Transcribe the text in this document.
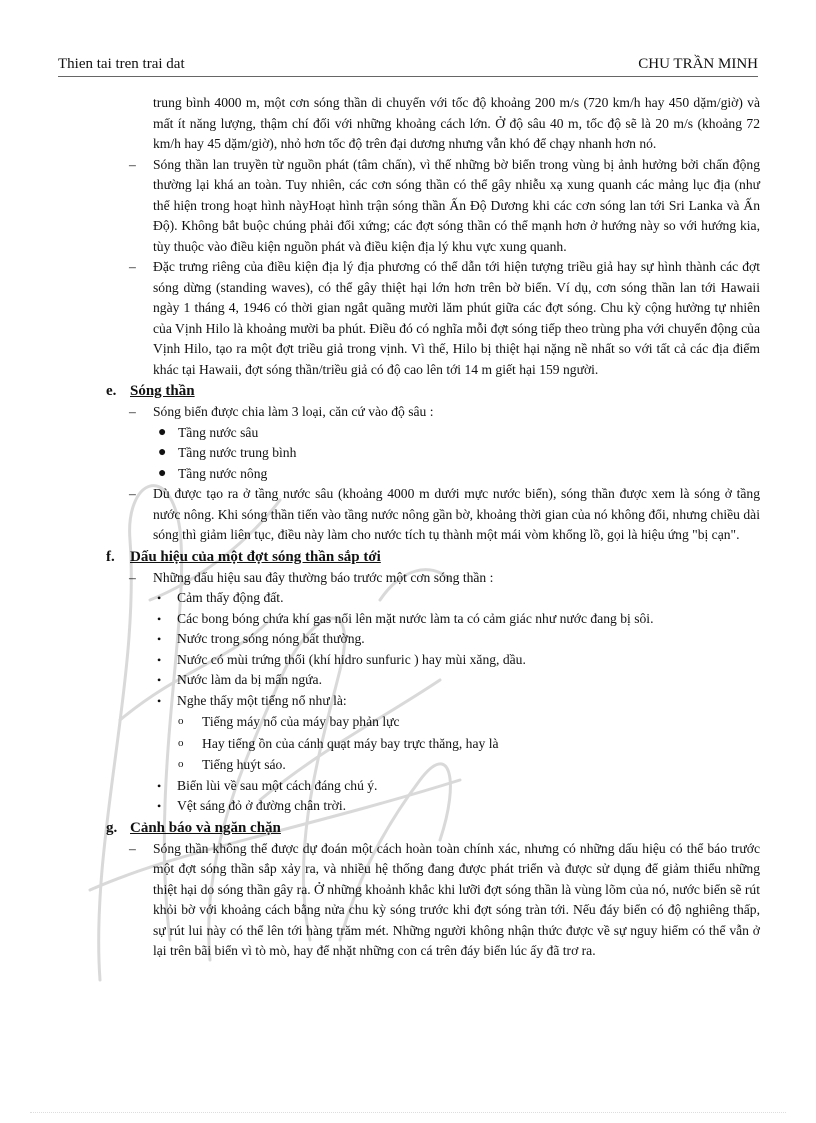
Thien tai tren trai dat	CHU TRẦN MINH
trung bình 4000 m, một cơn sóng thần di chuyển với tốc độ khoảng 200 m/s (720 km/h hay 450 dặm/giờ) và mất ít năng lượng, thậm chí đối với những khoảng cách lớn. Ở độ sâu 40 m, tốc độ sẽ là 20 m/s (khoảng 72 km/h hay 45 dặm/giờ), nhỏ hơn tốc độ trên đại dương nhưng vẫn khó để chạy nhanh hơn nó.
– Sóng thần lan truyền từ nguồn phát (tâm chấn), vì thế những bờ biển trong vùng bị ảnh hưởng bởi chấn động thường lại khá an toàn. Tuy nhiên, các cơn sóng thần có thể gây nhiễu xạ xung quanh các mảng lục địa (như thể hiện trong hoạt hình nàyHoạt hình trận sóng thần Ấn Độ Dương khi các cơn sóng lan tới Sri Lanka và Ấn Độ). Không bắt buộc chúng phải đối xứng; các đợt sóng thần có thể mạnh hơn ở hướng này so với hướng kia, tùy thuộc vào điều kiện nguồn phát và điều kiện địa lý khu vực xung quanh.
– Đặc trưng riêng của điều kiện địa lý địa phương có thể dẫn tới hiện tượng triều giả hay sự hình thành các đợt sóng dừng (standing waves), có thể gây thiệt hại lớn hơn trên bờ biển. Ví dụ, cơn sóng thần lan tới Hawaii ngày 1 tháng 4, 1946 có thời gian ngắt quãng mười lăm phút giữa các đợt sóng. Chu kỳ cộng hưởng tự nhiên của Vịnh Hilo là khoảng mười ba phút. Điều đó có nghĩa mỗi đợt sóng tiếp theo trùng pha với chuyển động của Vịnh Hilo, tạo ra một đợt triều giả trong vịnh. Vì thế, Hilo bị thiệt hại nặng nề nhất so với tất cả các địa điểm khác tại Hawaii, đợt sóng thần/triều giả có độ cao lên tới 14 m giết hại 159 người.
e. Sóng thần
– Sóng biển được chia làm 3 loại, căn cứ vào độ sâu :
● Tầng nước sâu
● Tầng nước trung bình
● Tầng nước nông
– Dù được tạo ra ở tầng nước sâu (khoảng 4000 m dưới mực nước biển), sóng thần được xem là sóng ở tầng nước nông. Khi sóng thần tiến vào tầng nước nông gần bờ, khoảng thời gian của nó không đổi, nhưng chiều dài sóng thì giảm liên tục, điều này làm cho nước tích tụ thành một mái vòm khổng lồ, gọi là hiệu ứng "bị cạn".
f. Dấu hiệu của một đợt sóng thần sắp tới
– Những dấu hiệu sau đây thường báo trước một cơn sóng thần :
• Cảm thấy động đất.
• Các bong bóng chứa khí gas nổi lên mặt nước làm ta có cảm giác như nước đang bị sôi.
• Nước trong sóng nóng bất thường.
• Nước có mùi trứng thối (khí hidro sunfuric ) hay mùi xăng, dầu.
• Nước làm da bị mẩn ngứa.
• Nghe thấy một tiếng nổ như là:
o Tiếng máy nổ của máy bay phản lực
o Hay tiếng ồn của cánh quạt máy bay trực thăng, hay là
o Tiếng huýt sáo.
• Biển lùi về sau một cách đáng chú ý.
• Vệt sáng đỏ ở đường chân trời.
g. Cảnh báo và ngăn chặn
– Sóng thần không thể được dự đoán một cách hoàn toàn chính xác, nhưng có những dấu hiệu có thể báo trước một đợt sóng thần sắp xảy ra, và nhiều hệ thống đang được phát triển và được sử dụng để giảm thiểu những thiệt hại do sóng thần gây ra. Ở những khoảnh khắc khi lưỡi đợt sóng thần là vùng lõm của nó, nước biển sẽ rút khỏi bờ với khoảng cách bằng nửa chu kỳ sóng trước khi đợt sóng tràn tới. Nếu đáy biển có độ nghiêng thấp, sự rút lui này có thể lên tới hàng trăm mét. Những người không nhận thức được về sự nguy hiểm có thể vẫn ở lại trên bãi biển vì tò mò, hay để nhặt những con cá trên đáy biển lúc ấy đã trơ ra.
